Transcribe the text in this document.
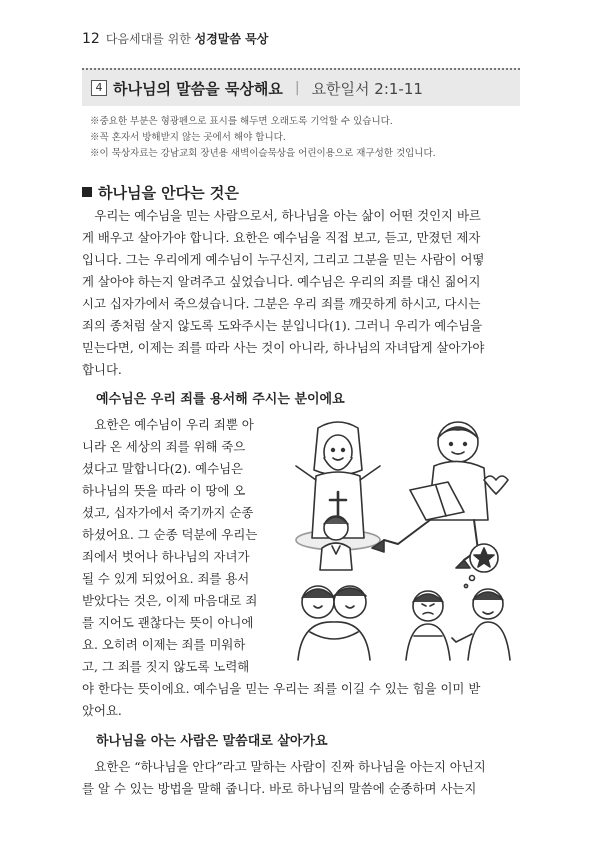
12 다음세대를 위한 성경말씀 묵상
4 하나님의 말씀을 묵상해요 | 요한일서 2:1-11
※중요한 부분은 형광펜으로 표시를 해두면 오래도록 기억할 수 있습니다.
※꼭 혼자서 방해받지 않는 곳에서 해야 합니다.
※이 묵상자료는 강남교회 장년용 새벽이슬묵상을 어린이용으로 재구성한 것입니다.
하나님을 안다는 것은
　우리는 예수님을 믿는 사람으로서, 하나님을 아는 삶이 어떤 것인지 바르
게 배우고 살아가야 합니다. 요한은 예수님을 직접 보고, 듣고, 만졌던 제자
입니다. 그는 우리에게 예수님이 누구신지, 그리고 그분을 믿는 사람이 어떻
게 살아야 하는지 알려주고 싶었습니다. 예수님은 우리의 죄를 대신 짊어지
시고 십자가에서 죽으셨습니다. 그분은 우리 죄를 깨끗하게 하시고, 다시는
죄의 종처럼 살지 않도록 도와주시는 분입니다(1). 그러니 우리가 예수님을
믿는다면, 이제는 죄를 따라 사는 것이 아니라, 하나님의 자녀답게 살아가야
합니다.
예수님은 우리 죄를 용서해 주시는 분이에요
　요한은 예수님이 우리 죄뿐 아
니라 온 세상의 죄를 위해 죽으
셨다고 말합니다(2). 예수님은
하나님의 뜻을 따라 이 땅에 오
셨고, 십자가에서 죽기까지 순종
하셨어요. 그 순종 덕분에 우리는
죄에서 벗어나 하나님의 자녀가
될 수 있게 되었어요. 죄를 용서
받았다는 것은, 이제 마음대로 죄
를 지어도 괜찮다는 뜻이 아니에
요. 오히려 이제는 죄를 미워하
고, 그 죄를 짓지 않도록 노력해
야 한다는 뜻이에요. 예수님을 믿는 우리는 죄를 이길 수 있는 힘을 이미 받
았어요.
하나님을 아는 사람은 말씀대로 살아가요
　요한은 “하나님을 안다”라고 말하는 사람이 진짜 하나님을 아는지 아닌지
를 알 수 있는 방법을 말해 줍니다. 바로 하나님의 말씀에 순종하며 사는지
